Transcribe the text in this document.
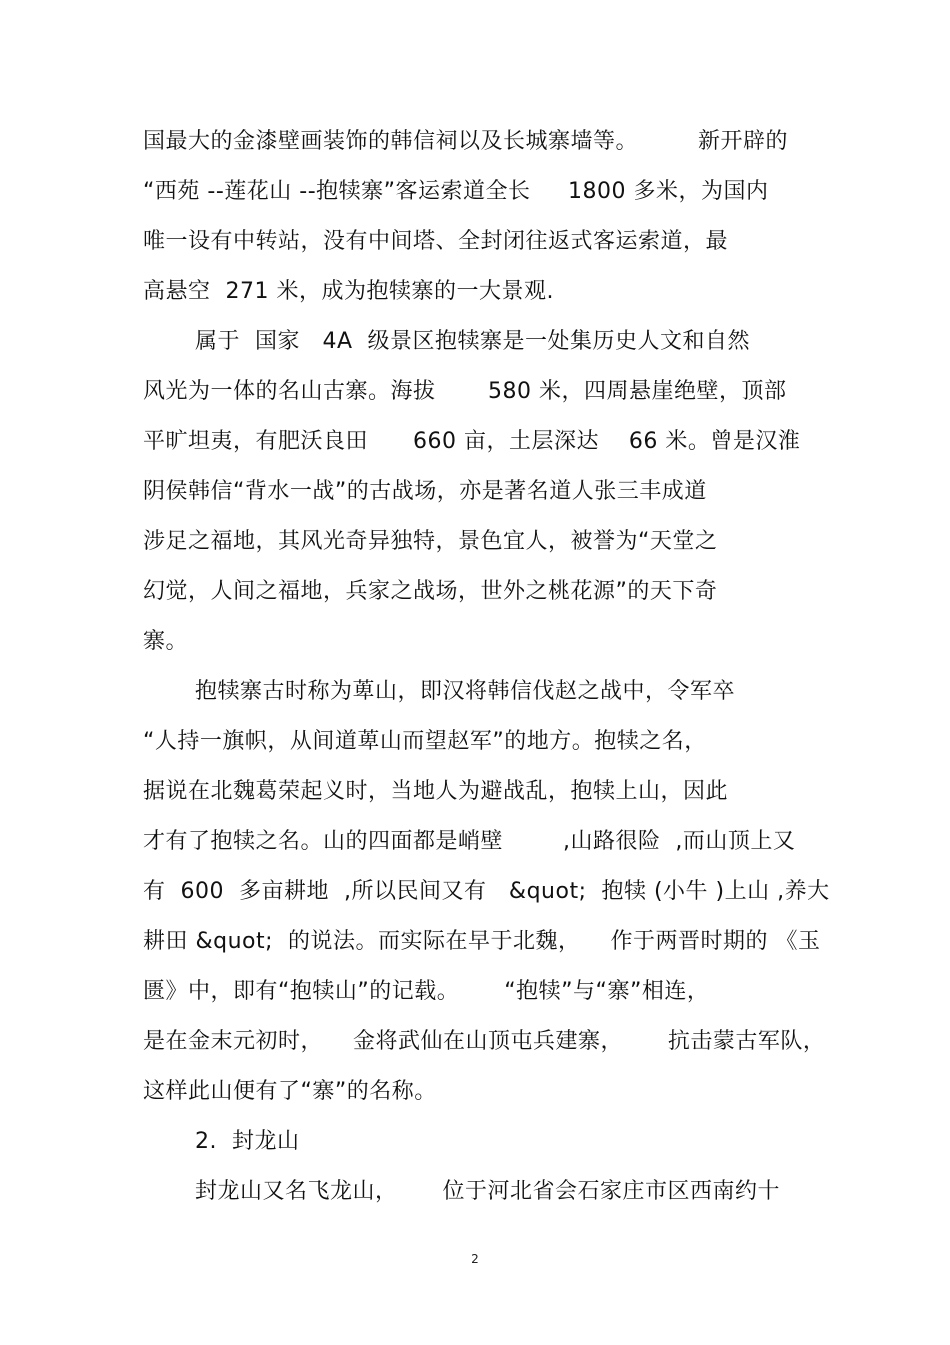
国最大的金漆壁画装饰的韩信祠以及长城寨墙等。        新开辟的
“西苑 --莲花山 --抱犊寨”客运索道全长     1800 多米，为国内
唯一设有中转站，没有中间塔、全封闭往返式客运索道，最
高悬空  271 米，成为抱犊寨的一大景观.
属于  国家   4A  级景区抱犊寨是一处集历史人文和自然
风光为一体的名山古寨。海拔       580 米，四周悬崖绝壁，顶部
平旷坦夷，有肥沃良田      660 亩，土层深达    66 米。曾是汉淮
阴侯韩信“背水一战”的古战场，亦是著名道人张三丰成道
涉足之福地，其风光奇异独特，景色宜人，被誉为“天堂之
幻觉，人间之福地，兵家之战场，世外之桃花源”的天下奇
寨。
抱犊寨古时称为萆山，即汉将韩信伐赵之战中，令军卒
“人持一旗帜，从间道萆山而望赵军”的地方。抱犊之名，
据说在北魏葛荣起义时，当地人为避战乱，抱犊上山，因此
才有了抱犊之名。山的四面都是峭壁        ,山路很险  ,而山顶上又
有  600  多亩耕地  ,所以民间又有   &quot;  抱犊 (小牛 )上山 ,养大
耕田 &quot;  的说法。而实际在早于北魏，    作于两晋时期的 《玉
匮》中，即有“抱犊山”的记载。      “抱犊”与“寨”相连，
是在金末元初时，    金将武仙在山顶屯兵建寨，      抗击蒙古军队，
这样此山便有了“寨”的名称。
2.  封龙山
封龙山又名飞龙山，      位于河北省会石家庄市区西南约十
2
